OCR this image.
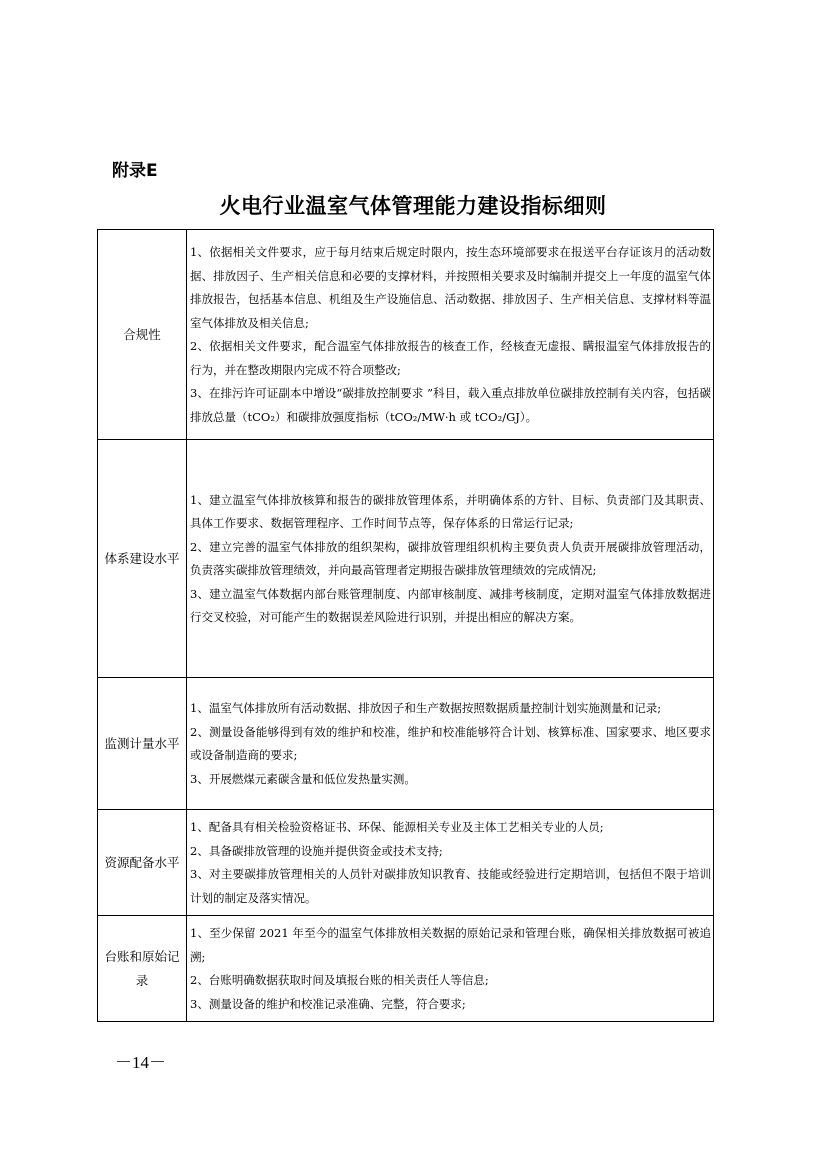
附录E
火电行业温室气体管理能力建设指标细则
合规性	1、依据相关文件要求，应于每月结束后规定时限内，按生态环境部要求在报送平台存证该月的活动数据、排放因子、生产相关信息和必要的支撑材料，并按照相关要求及时编制并提交上一年度的温室气体排放报告，包括基本信息、机组及生产设施信息、活动数据、排放因子、生产相关信息、支撑材料等温室气体排放及相关信息;
2、依据相关文件要求，配合温室气体排放报告的核查工作，经核查无虚报、瞒报温室气体排放报告的行为，并在整改期限内完成不符合项整改;
3、在排污许可证副本中增设“碳排放控制要求 ”科目，载入重点排放单位碳排放控制有关内容，包括碳排放总量（tCO₂）和碳排放强度指标（tCO₂/MW·h 或 tCO₂/GJ）。

体系建设水平	1、建立温室气体排放核算和报告的碳排放管理体系，并明确体系的方针、目标、负责部门及其职责、具体工作要求、数据管理程序、工作时间节点等，保存体系的日常运行记录;
2、建立完善的温室气体排放的组织架构，碳排放管理组织机构主要负责人负责开展碳排放管理活动，负责落实碳排放管理绩效，并向最高管理者定期报告碳排放管理绩效的完成情况;
3、建立温室气体数据内部台账管理制度、内部审核制度、减排考核制度，定期对温室气体排放数据进行交叉校验，对可能产生的数据误差风险进行识别，并提出相应的解决方案。

监测计量水平	1、温室气体排放所有活动数据、排放因子和生产数据按照数据质量控制计划实施测量和记录;
2、测量设备能够得到有效的维护和校准，维护和校准能够符合计划、核算标准、国家要求、地区要求或设备制造商的要求;
3、开展燃煤元素碳含量和低位发热量实测。

资源配备水平	1、配备具有相关检验资格证书、环保、能源相关专业及主体工艺相关专业的人员;
2、具备碳排放管理的设施并提供资金或技术支持;
3、对主要碳排放管理相关的人员针对碳排放知识教育、技能或经验进行定期培训，包括但不限于培训计划的制定及落实情况。

台账和原始记录	1、至少保留 2021 年至今的温室气体排放相关数据的原始记录和管理台账，确保相关排放数据可被追溯;
2、台账明确数据获取时间及填报台账的相关责任人等信息;
3、测量设备的维护和校准记录准确、完整，符合要求;
－14－
